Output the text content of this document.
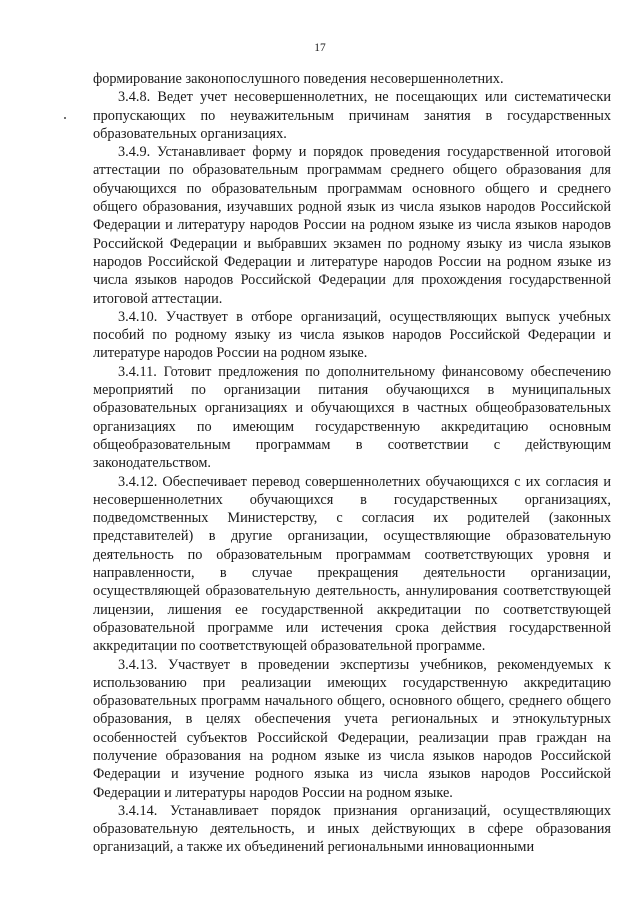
17

формирование законопослушного поведения несовершеннолетних.

3.4.8. Ведет учет несовершеннолетних, не посещающих или систематически пропускающих по неуважительным причинам занятия в государственных образовательных организациях.

3.4.9. Устанавливает форму и порядок проведения государственной итоговой аттестации по образовательным программам среднего общего образования для обучающихся по образовательным программам основного общего и среднего общего образования, изучавших родной язык из числа языков народов Российской Федерации и литературу народов России на родном языке из числа языков народов Российской Федерации и выбравших экзамен по родному языку из числа языков народов Российской Федерации и литературе народов России на родном языке из числа языков народов Российской Федерации для прохождения государственной итоговой аттестации.

3.4.10. Участвует в отборе организаций, осуществляющих выпуск учебных пособий по родному языку из числа языков народов Российской Федерации и литературе народов России на родном языке.

3.4.11. Готовит предложения по дополнительному финансовому обеспечению мероприятий по организации питания обучающихся в муниципальных образовательных организациях и обучающихся в частных общеобразовательных организациях по имеющим государственную аккредитацию основным общеобразовательным программам в соответствии с действующим законодательством.

3.4.12. Обеспечивает перевод совершеннолетних обучающихся с их согласия и несовершеннолетних обучающихся в государственных организациях, подведомственных Министерству, с согласия их родителей (законных представителей) в другие организации, осуществляющие образовательную деятельность по образовательным программам соответствующих уровня и направленности, в случае прекращения деятельности организации, осуществляющей образовательную деятельность, аннулирования соответствующей лицензии, лишения ее государственной аккредитации по соответствующей образовательной программе или истечения срока действия государственной аккредитации по соответствующей образовательной программе.

3.4.13. Участвует в проведении экспертизы учебников, рекомендуемых к использованию при реализации имеющих государственную аккредитацию образовательных программ начального общего, основного общего, среднего общего образования, в целях обеспечения учета региональных и этнокультурных особенностей субъектов Российской Федерации, реализации прав граждан на получение образования на родном языке из числа языков народов Российской Федерации и изучение родного языка из числа языков народов Российской Федерации и литературы народов России на родном языке.

3.4.14. Устанавливает порядок признания организаций, осуществляющих образовательную деятельность, и иных действующих в сфере образования организаций, а также их объединений региональными инновационными
